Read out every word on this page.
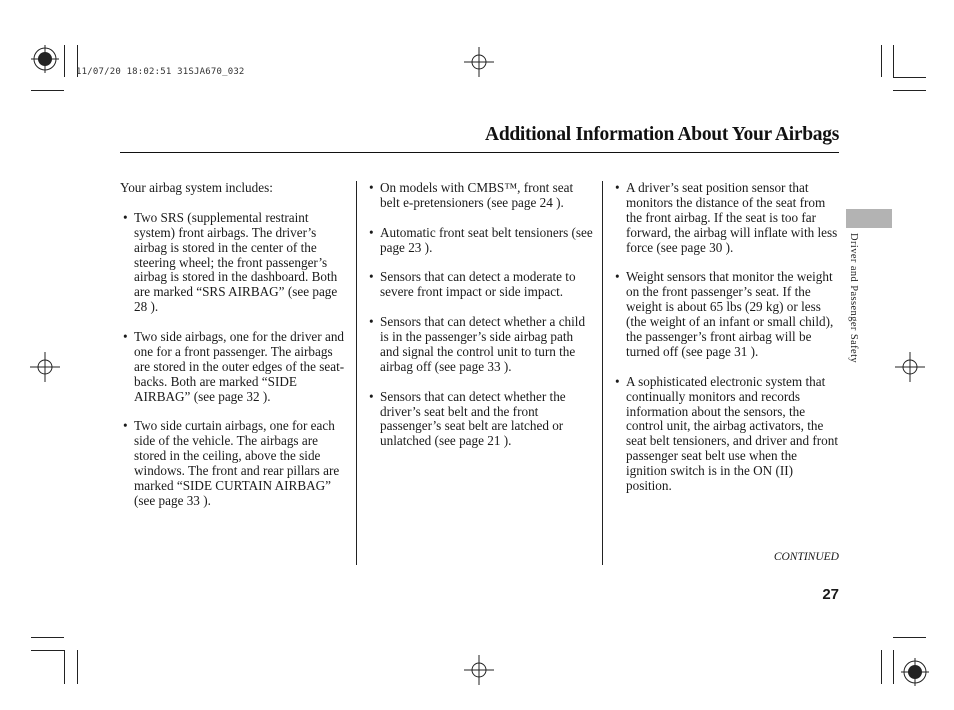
11/07/20 18:02:51 31SJA670_032
Additional Information About Your Airbags
Driver and Passenger Safety

Your airbag system includes:

• Two SRS (supplemental restraint system) front airbags. The driver’s airbag is stored in the center of the steering wheel; the front passenger’s airbag is stored in the dashboard. Both are marked “SRS AIRBAG” (see page 28 ).
• Two side airbags, one for the driver and one for a front passenger. The airbags are stored in the outer edges of the seat-backs. Both are marked “SIDE AIRBAG” (see page 32 ).
• Two side curtain airbags, one for each side of the vehicle. The airbags are stored in the ceiling, above the side windows. The front and rear pillars are marked “SIDE CURTAIN AIRBAG” (see page 33 ).
• On models with CMBS™, front seat belt e-pretensioners (see page 24 ).
• Automatic front seat belt tensioners (see page 23 ).
• Sensors that can detect a moderate to severe front impact or side impact.
• Sensors that can detect whether a child is in the passenger’s side airbag path and signal the control unit to turn the airbag off (see page 33 ).
• Sensors that can detect whether the driver’s seat belt and the front passenger’s seat belt are latched or unlatched (see page 21 ).
• A driver’s seat position sensor that monitors the distance of the seat from the front airbag. If the seat is too far forward, the airbag will inflate with less force (see page 30 ).
• Weight sensors that monitor the weight on the front passenger’s seat. If the weight is about 65 lbs (29 kg) or less (the weight of an infant or small child), the passenger’s front airbag will be turned off (see page 31 ).
• A sophisticated electronic system that continually monitors and records information about the sensors, the control unit, the airbag activators, the seat belt tensioners, and driver and front passenger seat belt use when the ignition switch is in the ON (II) position.
CONTINUED
27
